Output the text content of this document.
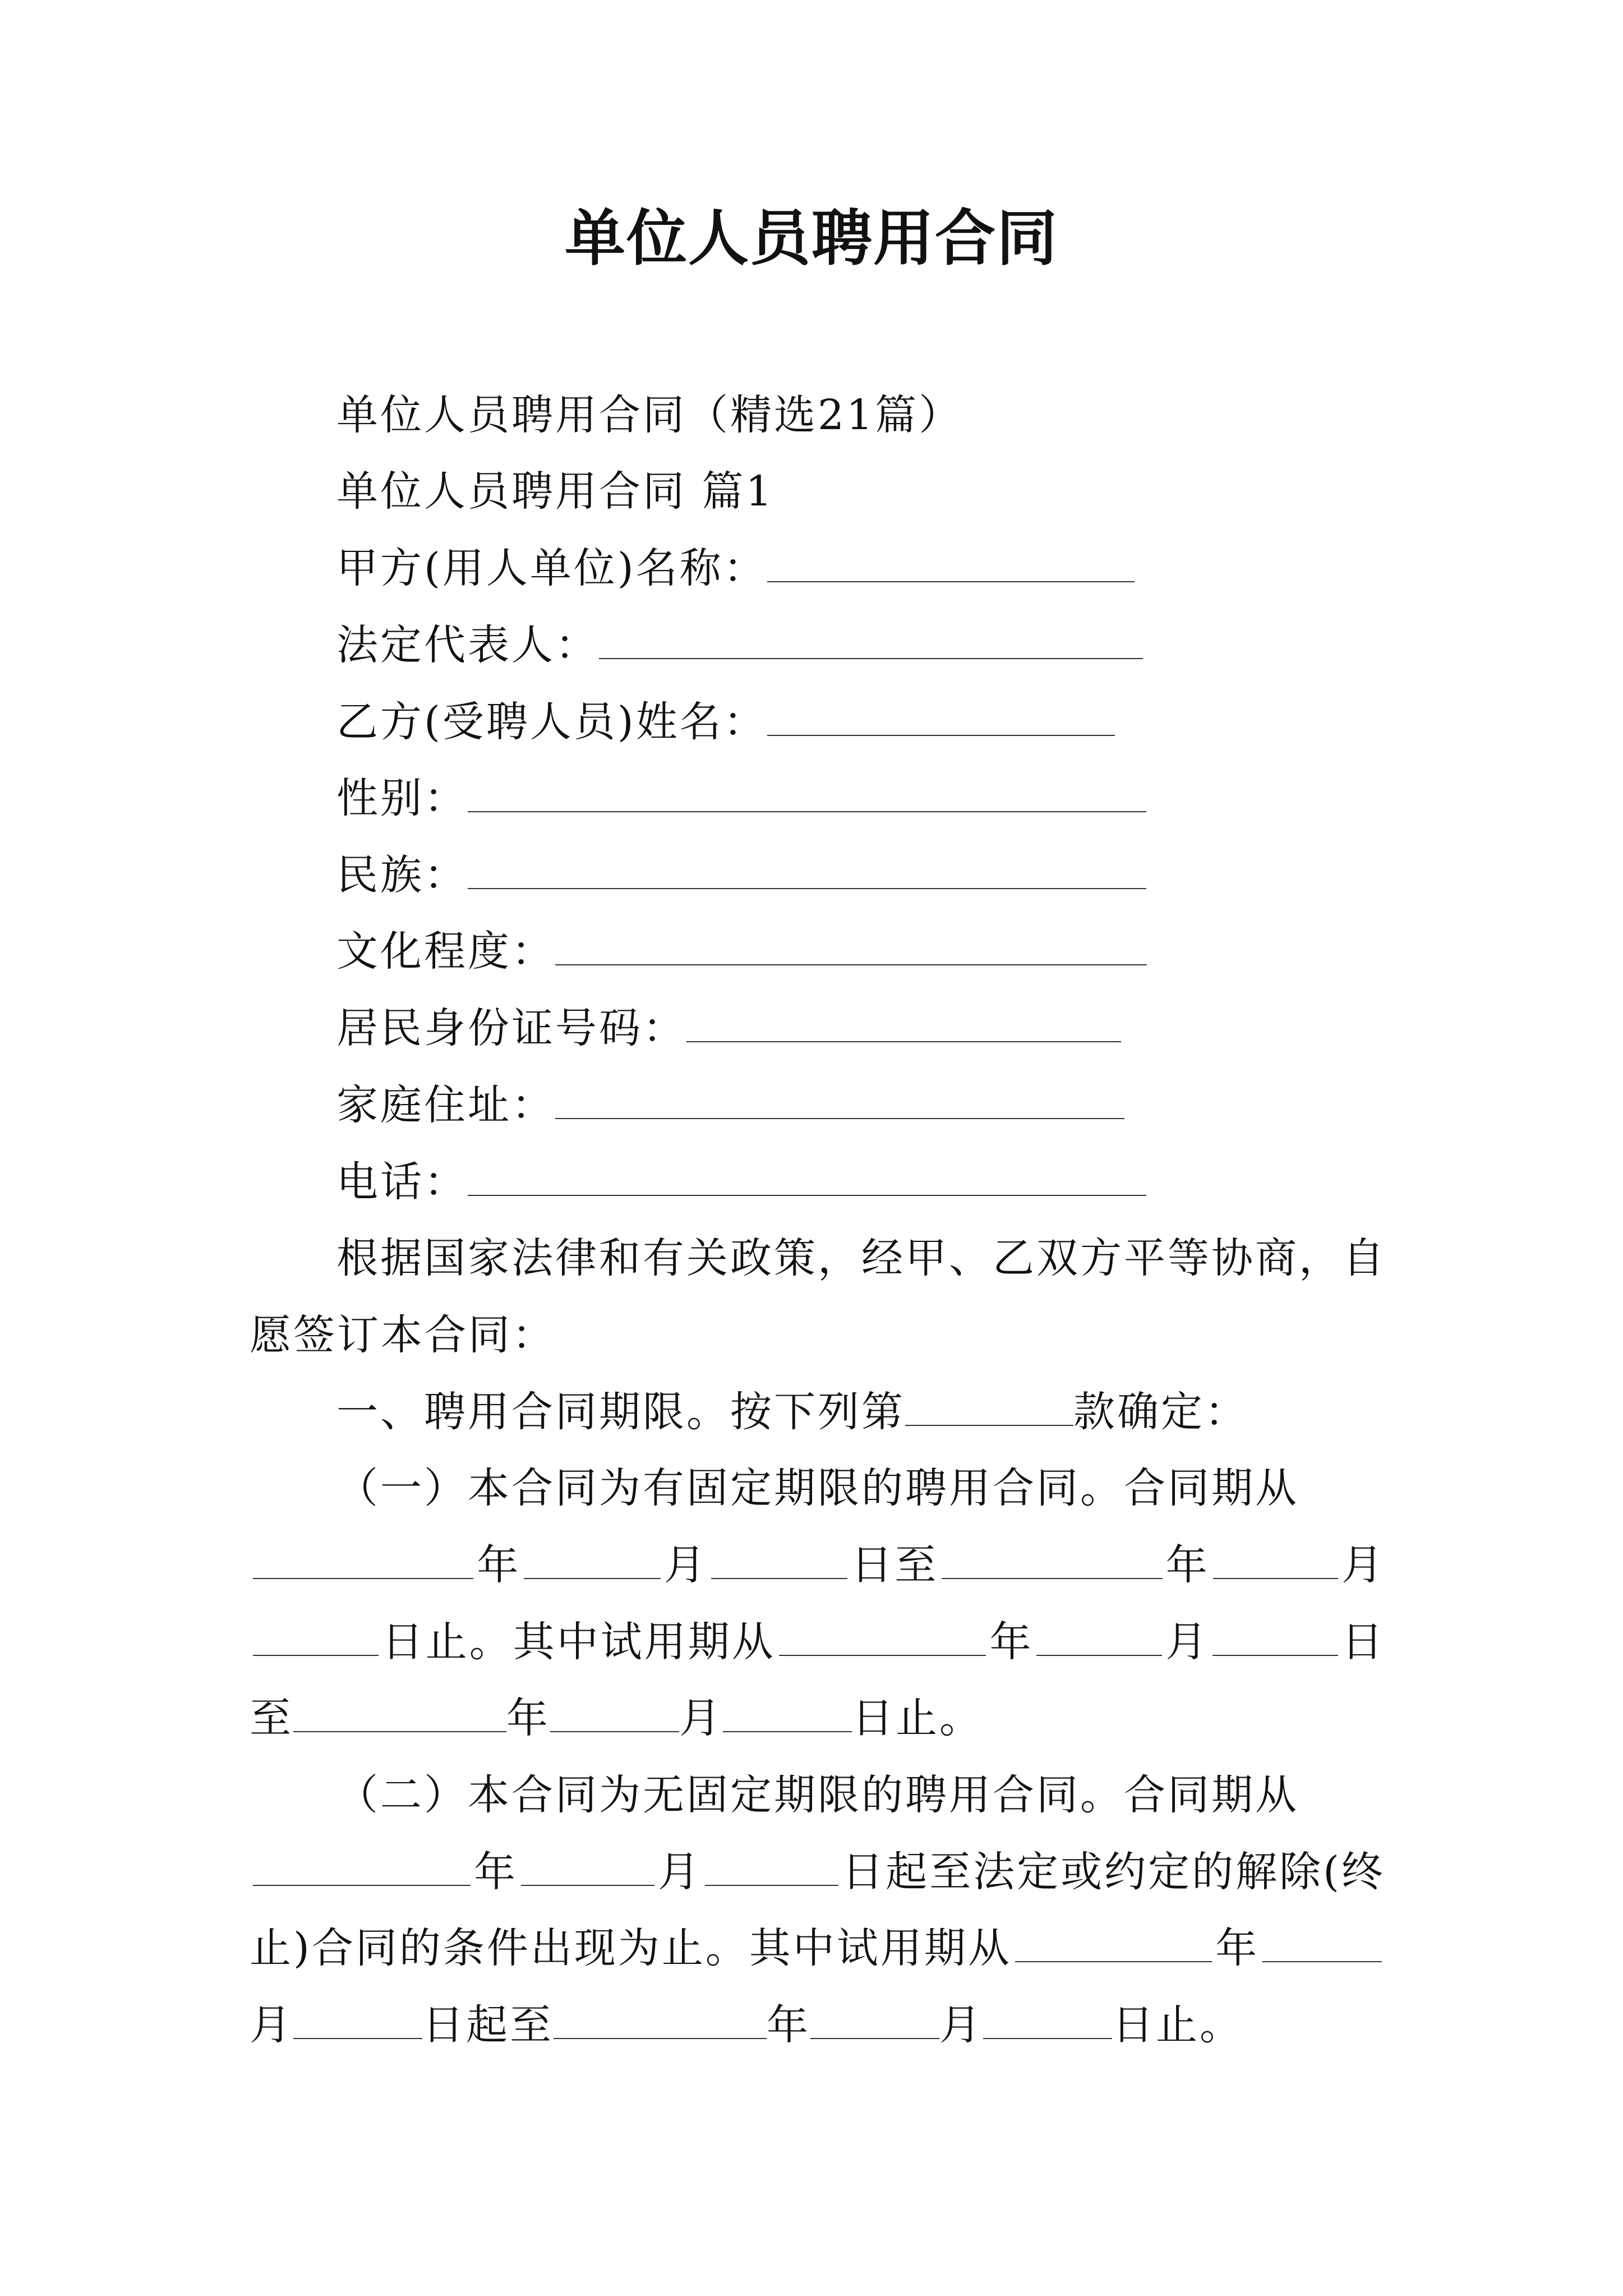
单位人员聘用合同
单位人员聘用合同（精选21篇）
单位人员聘用合同 篇1
甲方(用人单位)名称：
法定代表人：
乙方(受聘人员)姓名：
性别：
民族：
文化程度：
居民身份证号码：
家庭住址：
电话：
根据国家法律和有关政策，经甲、乙双方平等协商，自
愿签订本合同：
一、聘用合同期限。按下列第	款确定：
（一）本合同为有固定期限的聘用合同。合同期从
年	月	日至	年	月
日止。其中试用期从	年	月	日
至	年	月	日止。
（二）本合同为无固定期限的聘用合同。合同期从
年	月	日起至法定或约定的解除(终
止)合同的条件出现为止。其中试用期从	年
月	日起至	年	月	日止。
